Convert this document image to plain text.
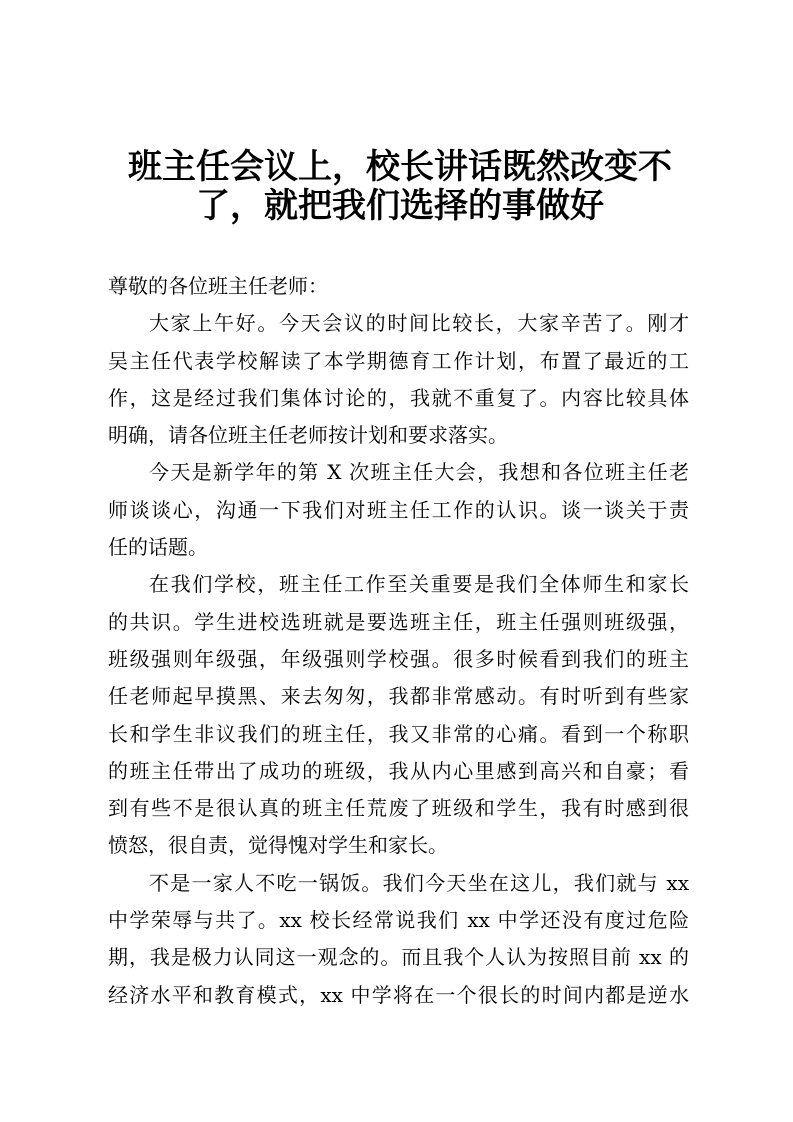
班主任会议上，校长讲话既然改变不
了，就把我们选择的事做好
尊敬的各位班主任老师：
大家上午好。今天会议的时间比较长，大家辛苦了。刚才
吴主任代表学校解读了本学期德育工作计划，布置了最近的工
作，这是经过我们集体讨论的，我就不重复了。内容比较具体
明确，请各位班主任老师按计划和要求落实。
今天是新学年的第 X 次班主任大会，我想和各位班主任老
师谈谈心，沟通一下我们对班主任工作的认识。谈一谈关于责
任的话题。
在我们学校，班主任工作至关重要是我们全体师生和家长
的共识。学生进校选班就是要选班主任，班主任强则班级强，
班级强则年级强，年级强则学校强。很多时候看到我们的班主
任老师起早摸黑、来去匆匆，我都非常感动。有时听到有些家
长和学生非议我们的班主任，我又非常的心痛。看到一个称职
的班主任带出了成功的班级，我从内心里感到高兴和自豪；看
到有些不是很认真的班主任荒废了班级和学生，我有时感到很
愤怒，很自责，觉得愧对学生和家长。
不是一家人不吃一锅饭。我们今天坐在这儿，我们就与 xx
中学荣辱与共了。xx 校长经常说我们 xx 中学还没有度过危险
期，我是极力认同这一观念的。而且我个人认为按照目前 xx 的
经济水平和教育模式，xx 中学将在一个很长的时间内都是逆水
